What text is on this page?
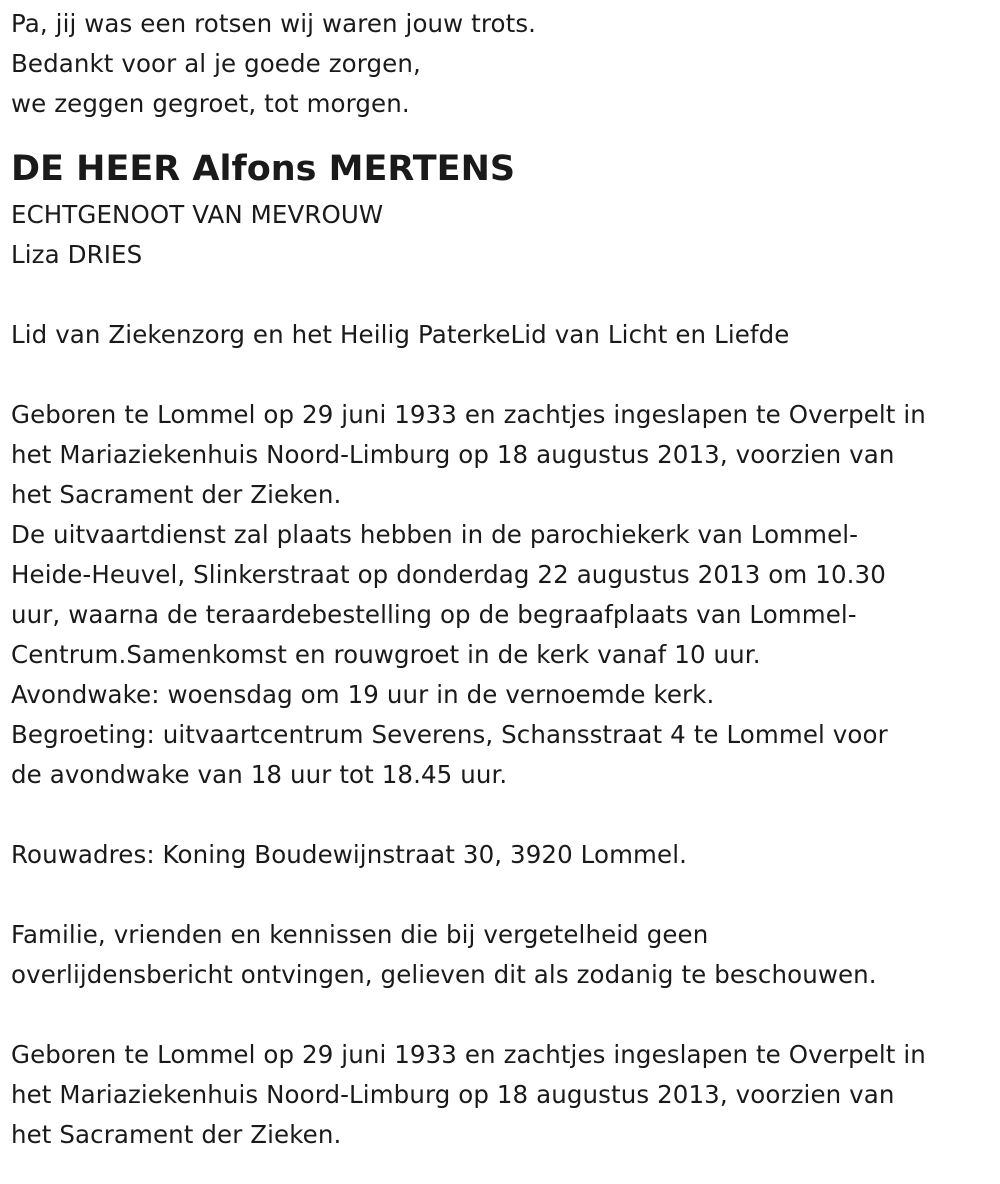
Pa, jij was een rotsen wij waren jouw trots.
Bedankt voor al je goede zorgen,
we zeggen gegroet, tot morgen.
DE HEER Alfons MERTENS
ECHTGENOOT VAN MEVROUW
Liza DRIES
Lid van Ziekenzorg en het Heilig PaterkeLid van Licht en Liefde
Geboren te Lommel op 29 juni 1933 en zachtjes ingeslapen te Overpelt in
het Mariaziekenhuis Noord-Limburg op 18 augustus 2013, voorzien van
het Sacrament der Zieken.
De uitvaartdienst zal plaats hebben in de parochiekerk van Lommel-
Heide-Heuvel, Slinkerstraat op donderdag 22 augustus 2013 om 10.30
uur, waarna de teraardebestelling op de begraafplaats van Lommel-
Centrum.Samenkomst en rouwgroet in de kerk vanaf 10 uur.
Avondwake: woensdag om 19 uur in de vernoemde kerk.
Begroeting: uitvaartcentrum Severens, Schansstraat 4 te Lommel voor
de avondwake van 18 uur tot 18.45 uur.
Rouwadres: Koning Boudewijnstraat 30, 3920 Lommel.
Familie, vrienden en kennissen die bij vergetelheid geen
overlijdensbericht ontvingen, gelieven dit als zodanig te beschouwen.
Geboren te Lommel op 29 juni 1933 en zachtjes ingeslapen te Overpelt in
het Mariaziekenhuis Noord-Limburg op 18 augustus 2013, voorzien van
het Sacrament der Zieken.
